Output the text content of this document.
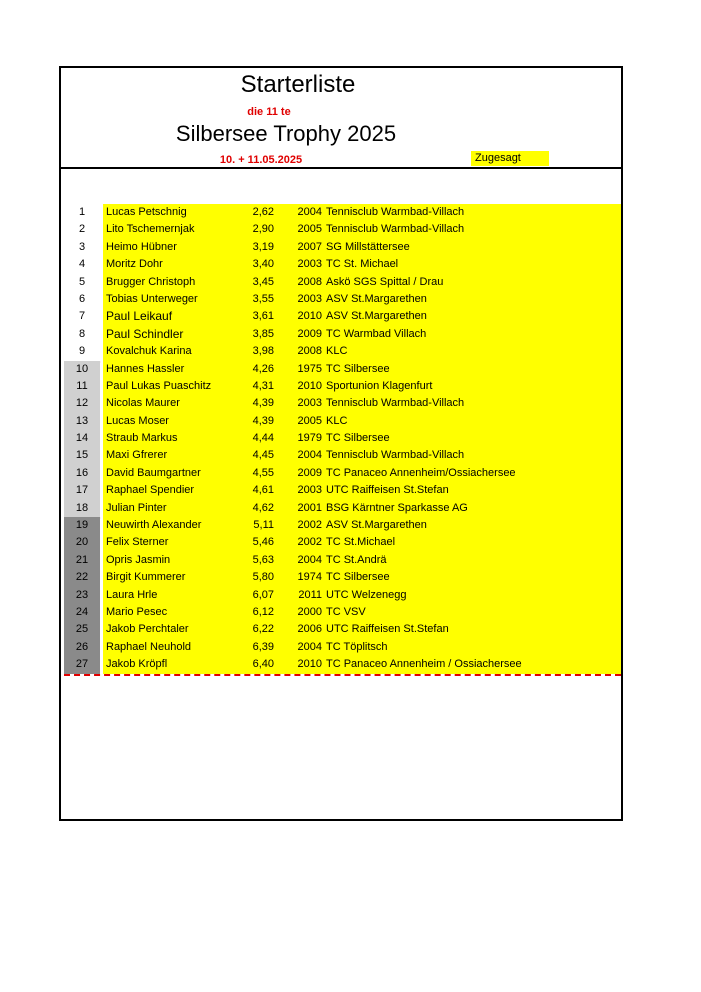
Starterliste
die 11 te
Silbersee Trophy 2025
10. + 11.05.2025	Zugesagt
1	Lucas Petschnig	2,62	2004 Tennisclub Warmbad-Villach
2	Lito Tschemernjak	2,90	2005 Tennisclub Warmbad-Villach
3	Heimo Hübner	3,19	2007 SG Millstättersee
4	Moritz Dohr	3,40	2003 TC St. Michael
5	Brugger Christoph	3,45	2008 Askö SGS Spittal / Drau
6	Tobias Unterweger	3,55	2003 ASV St.Margarethen
7	Paul Leikauf	3,61	2010 ASV St.Margarethen
8	Paul Schindler	3,85	2009 TC Warmbad Villach
9	Kovalchuk Karina	3,98	2008 KLC
10	Hannes Hassler	4,26	1975 TC Silbersee
11	Paul Lukas Puaschitz	4,31	2010 Sportunion Klagenfurt
12	Nicolas Maurer	4,39	2003 Tennisclub Warmbad-Villach
13	Lucas Moser	4,39	2005 KLC
14	Straub Markus	4,44	1979 TC Silbersee
15	Maxi Gfrerer	4,45	2004 Tennisclub Warmbad-Villach
16	David Baumgartner	4,55	2009 TC Panaceo Annenheim/Ossiachersee
17	Raphael Spendier	4,61	2003 UTC Raiffeisen St.Stefan
18	Julian Pinter	4,62	2001 BSG Kärntner Sparkasse AG
19	Neuwirth Alexander	5,11	2002 ASV St.Margarethen
20	Felix Sterner	5,46	2002 TC St.Michael
21	Opris Jasmin	5,63	2004 TC St.Andrä
22	Birgit Kummerer	5,80	1974 TC Silbersee
23	Laura Hrle	6,07	2011 UTC Welzenegg
24	Mario Pesec	6,12	2000 TC VSV
25	Jakob Perchtaler	6,22	2006 UTC Raiffeisen St.Stefan
26	Raphael Neuhold	6,39	2004 TC Töplitsch
27	Jakob Kröpfl	6,40	2010 TC Panaceo Annenheim / Ossiachersee
